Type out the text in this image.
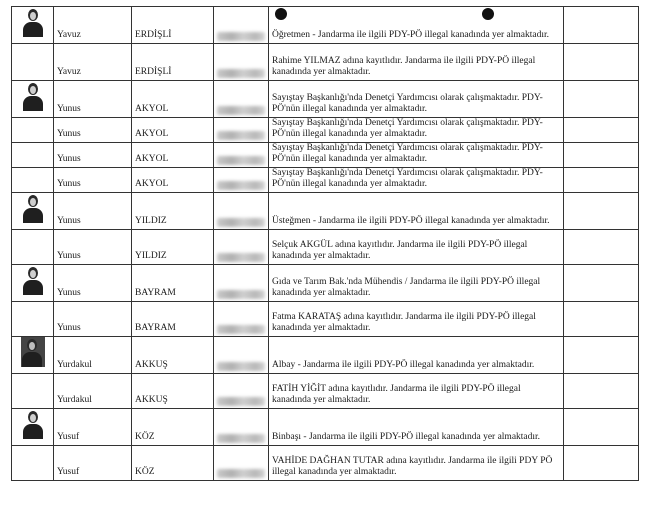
	Yavuz	ERDİŞLİ		Öğretmen - Jandarma ile ilgili PDY-PÖ illegal kanadında yer almaktadır.	

	Yavuz	ERDİŞLİ		Rahime YILMAZ adına kayıtlıdır. Jandarma ile ilgili PDY-PÖ illegal kanadında yer almaktadır.	

	Yunus	AKYOL		Sayıştay Başkanlığı'nda Denetçi Yardımcısı olarak çalışmaktadır. PDY-PÖ'nün illegal kanadında yer almaktadır.	

	Yunus	AKYOL		Sayıştay Başkanlığı'nda Denetçi Yardımcısı olarak çalışmaktadır. PDY-PÖ'nün illegal kanadında yer almaktadır.	

	Yunus	AKYOL		Sayıştay Başkanlığı'nda Denetçi Yardımcısı olarak çalışmaktadır. PDY-PÖ'nün illegal kanadında yer almaktadır.	

	Yunus	AKYOL		Sayıştay Başkanlığı'nda Denetçi Yardımcısı olarak çalışmaktadır. PDY-PÖ'nün illegal kanadında yer almaktadır.	

	Yunus	YILDIZ		Üsteğmen - Jandarma ile ilgili PDY-PÖ illegal kanadında yer almaktadır.	

	Yunus	YILDIZ		Selçuk AKGÜL adına kayıtlıdır. Jandarma ile ilgili PDY-PÖ illegal kanadında yer almaktadır.	

	Yunus	BAYRAM		Gıda ve Tarım Bak.'nda Mühendis / Jandarma ile ilgili PDY-PÖ illegal kanadında yer almaktadır.	

	Yunus	BAYRAM		Fatma KARATAŞ adına kayıtlıdır. Jandarma ile ilgili PDY-PÖ illegal kanadında yer almaktadır.	

	Yurdakul	AKKUŞ		Albay - Jandarma ile ilgili PDY-PÖ illegal kanadında yer almaktadır.	

	Yurdakul	AKKUŞ		FATİH YİĞİT adına kayıtlıdır. Jandarma ile ilgili PDY-PÖ illegal kanadında yer almaktadır.	

	Yusuf	KÖZ		Binbaşı - Jandarma ile ilgili PDY-PÖ illegal kanadında yer almaktadır.	

	Yusuf	KÖZ		VAHİDE DAĞHAN TUTAR adına kayıtlıdır. Jandarma ile ilgili PDY PÖ illegal kanadında yer almaktadır.	
